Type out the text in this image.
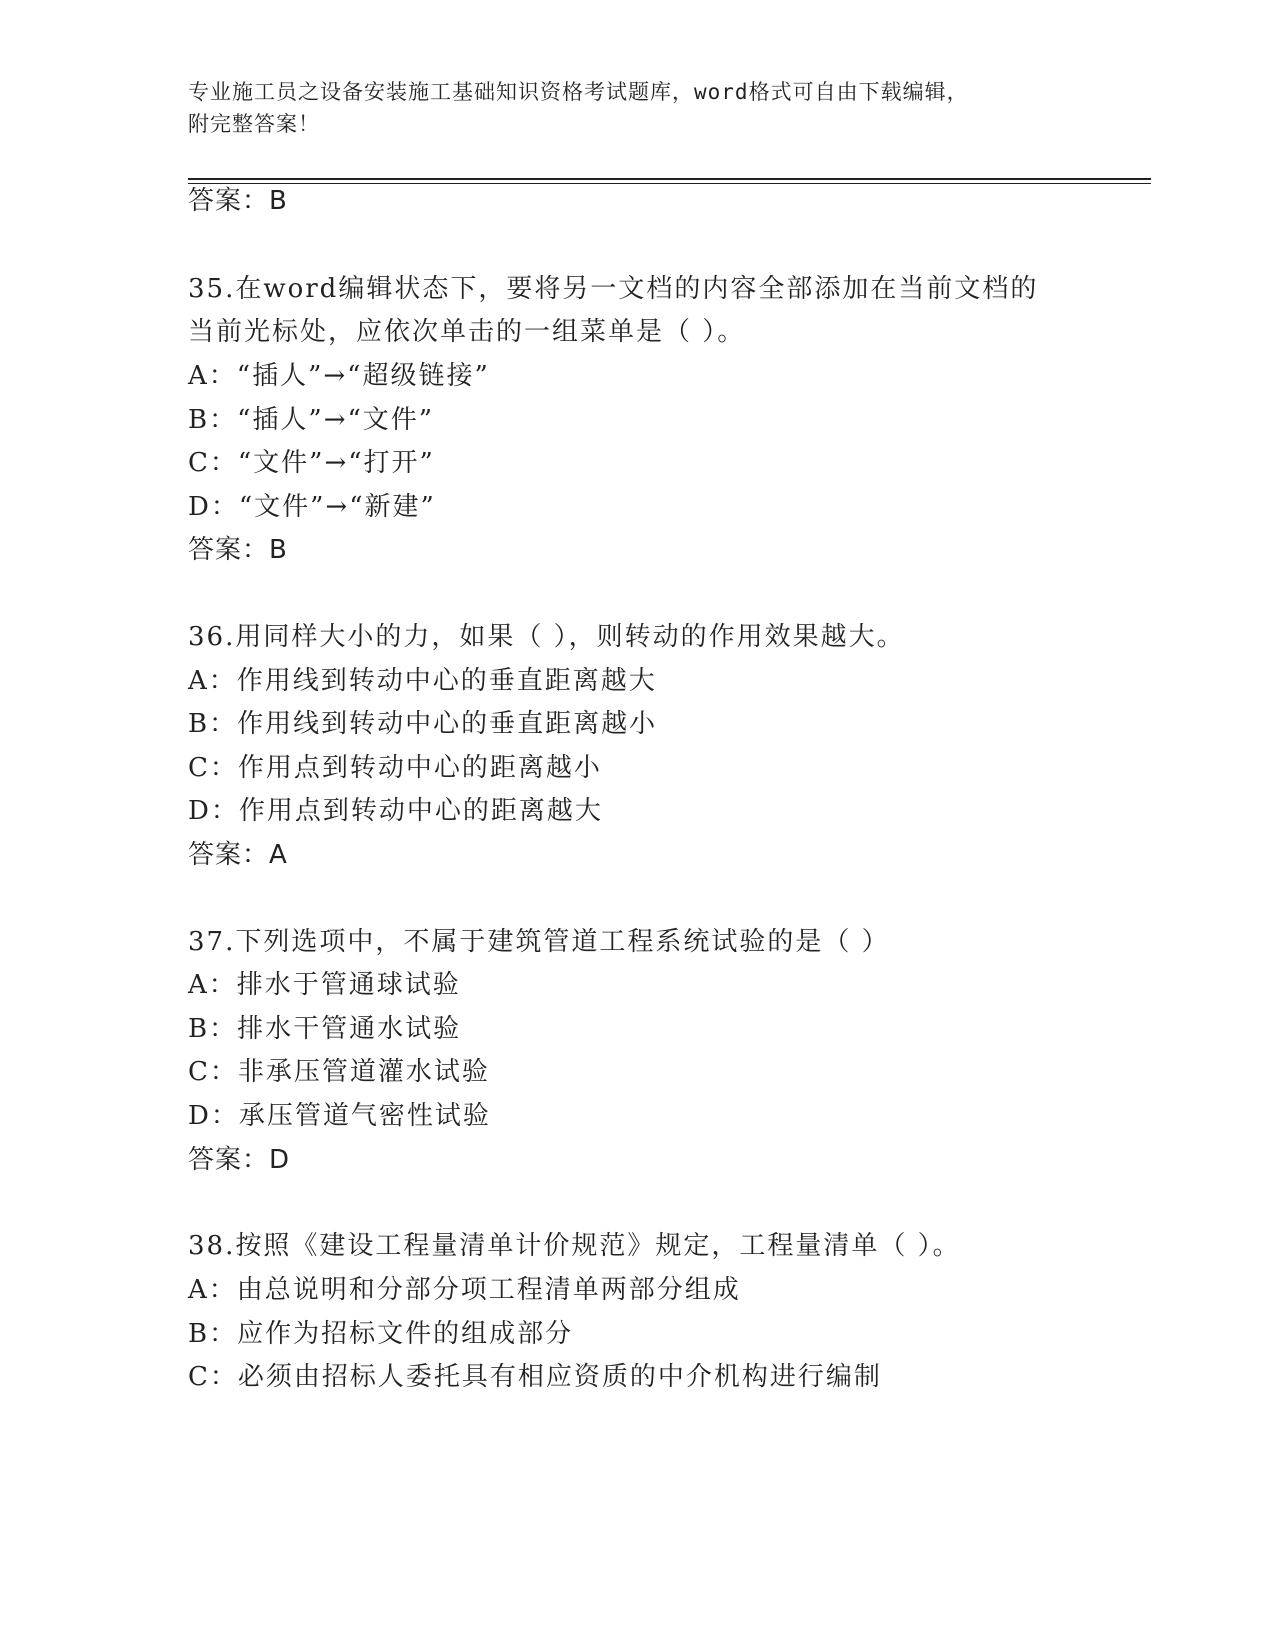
专业施工员之设备安装施工基础知识资格考试题库，word格式可自由下载编辑，
附完整答案！
答案：B
35.在word编辑状态下，要将另一文档的内容全部添加在当前文档的
当前光标处，应依次单击的一组菜单是（ ）。
A：“插人”→“超级链接”
B：“插人”→“文件”
C：“文件”→“打开”
D：“文件”→“新建”
答案：B
36.用同样大小的力，如果（ ），则转动的作用效果越大。
A：作用线到转动中心的垂直距离越大
B：作用线到转动中心的垂直距离越小
C：作用点到转动中心的距离越小
D：作用点到转动中心的距离越大
答案：A
37.下列选项中，不属于建筑管道工程系统试验的是（ ）
A：排水于管通球试验
B：排水干管通水试验
C：非承压管道灌水试验
D：承压管道气密性试验
答案：D
38.按照《建设工程量清单计价规范》规定，工程量清单（ ）。
A：由总说明和分部分项工程清单两部分组成
B：应作为招标文件的组成部分
C：必须由招标人委托具有相应资质的中介机构进行编制
